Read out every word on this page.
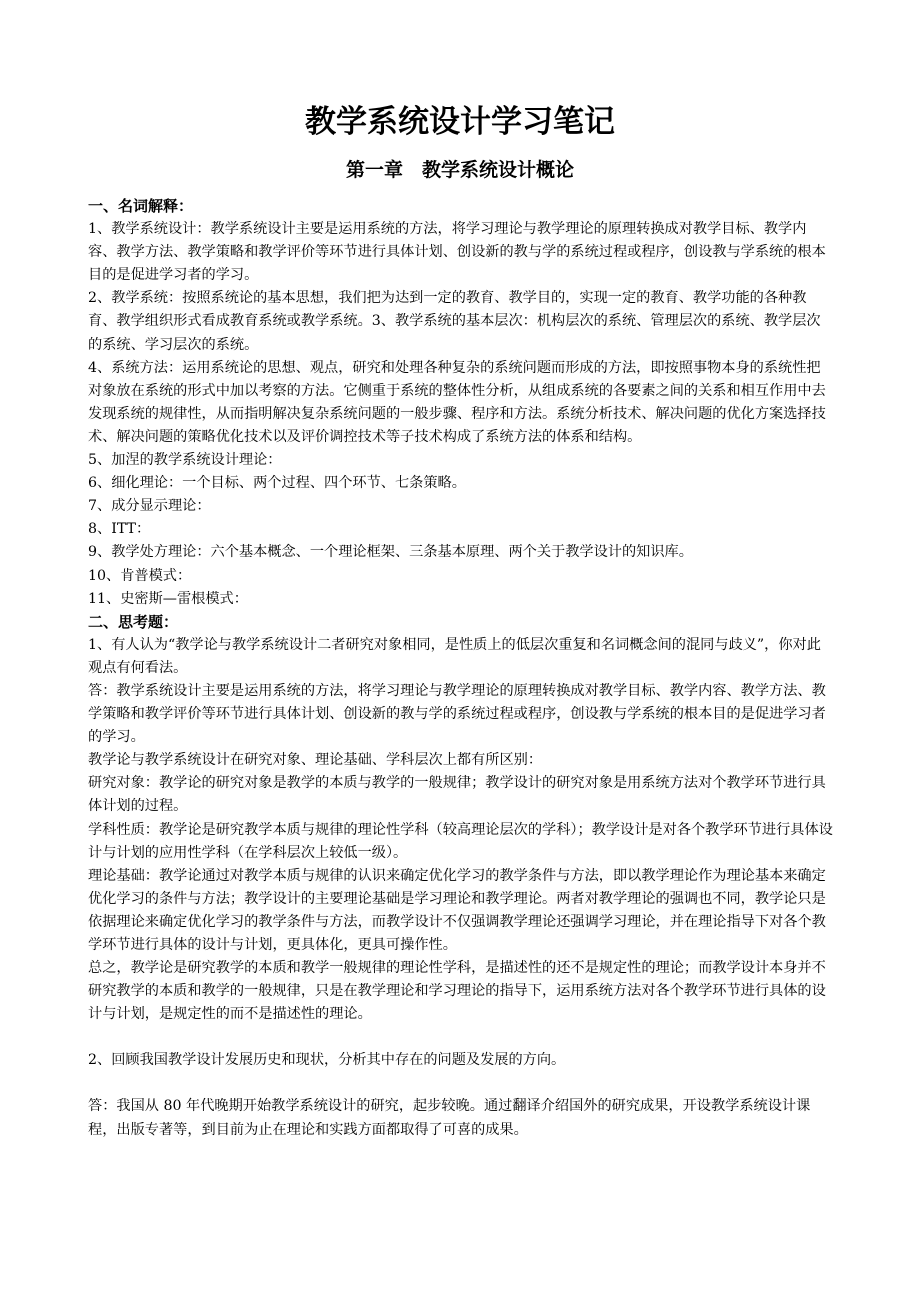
教学系统设计学习笔记
第一章　教学系统设计概论

一、名词解释：

1、教学系统设计：教学系统设计主要是运用系统的方法，将学习理论与教学理论的原理转换成对教学目标、教学内容、教学方法、教学策略和教学评价等环节进行具体计划、创设新的教与学的系统过程或程序，创设教与学系统的根本目的是促进学习者的学习。

2、教学系统：按照系统论的基本思想，我们把为达到一定的教育、教学目的，实现一定的教育、教学功能的各种教育、教学组织形式看成教育系统或教学系统。3、教学系统的基本层次：机构层次的系统、管理层次的系统、教学层次的系统、学习层次的系统。

4、系统方法：运用系统论的思想、观点，研究和处理各种复杂的系统问题而形成的方法，即按照事物本身的系统性把对象放在系统的形式中加以考察的方法。它侧重于系统的整体性分析，从组成系统的各要素之间的关系和相互作用中去发现系统的规律性，从而指明解决复杂系统问题的一般步骤、程序和方法。系统分析技术、解决问题的优化方案选择技术、解决问题的策略优化技术以及评价调控技术等子技术构成了系统方法的体系和结构。

5、加涅的教学系统设计理论：

6、细化理论：一个目标、两个过程、四个环节、七条策略。

7、成分显示理论：

8、ITT：

9、教学处方理论：六个基本概念、一个理论框架、三条基本原理、两个关于教学设计的知识库。

10、肯普模式：

11、史密斯—雷根模式：

二、思考题：

1、有人认为“教学论与教学系统设计二者研究对象相同，是性质上的低层次重复和名词概念间的混同与歧义”，你对此观点有何看法。

答：教学系统设计主要是运用系统的方法，将学习理论与教学理论的原理转换成对教学目标、教学内容、教学方法、教学策略和教学评价等环节进行具体计划、创设新的教与学的系统过程或程序，创设教与学系统的根本目的是促进学习者的学习。

教学论与教学系统设计在研究对象、理论基础、学科层次上都有所区别：

研究对象：教学论的研究对象是教学的本质与教学的一般规律；教学设计的研究对象是用系统方法对个教学环节进行具体计划的过程。

学科性质：教学论是研究教学本质与规律的理论性学科（较高理论层次的学科）；教学设计是对各个教学环节进行具体设计与计划的应用性学科（在学科层次上较低一级）。

理论基础：教学论通过对教学本质与规律的认识来确定优化学习的教学条件与方法，即以教学理论作为理论基本来确定优化学习的条件与方法；教学设计的主要理论基础是学习理论和教学理论。两者对教学理论的强调也不同，教学论只是依据理论来确定优化学习的教学条件与方法，而教学设计不仅强调教学理论还强调学习理论，并在理论指导下对各个教学环节进行具体的设计与计划，更具体化，更具可操作性。

总之，教学论是研究教学的本质和教学一般规律的理论性学科，是描述性的还不是规定性的理论；而教学设计本身并不研究教学的本质和教学的一般规律，只是在教学理论和学习理论的指导下，运用系统方法对各个教学环节进行具体的设计与计划，是规定性的而不是描述性的理论。

2、回顾我国教学设计发展历史和现状，分析其中存在的问题及发展的方向。

答：我国从 80 年代晚期开始教学系统设计的研究，起步较晚。通过翻译介绍国外的研究成果，开设教学系统设计课程，出版专著等，到目前为止在理论和实践方面都取得了可喜的成果。
